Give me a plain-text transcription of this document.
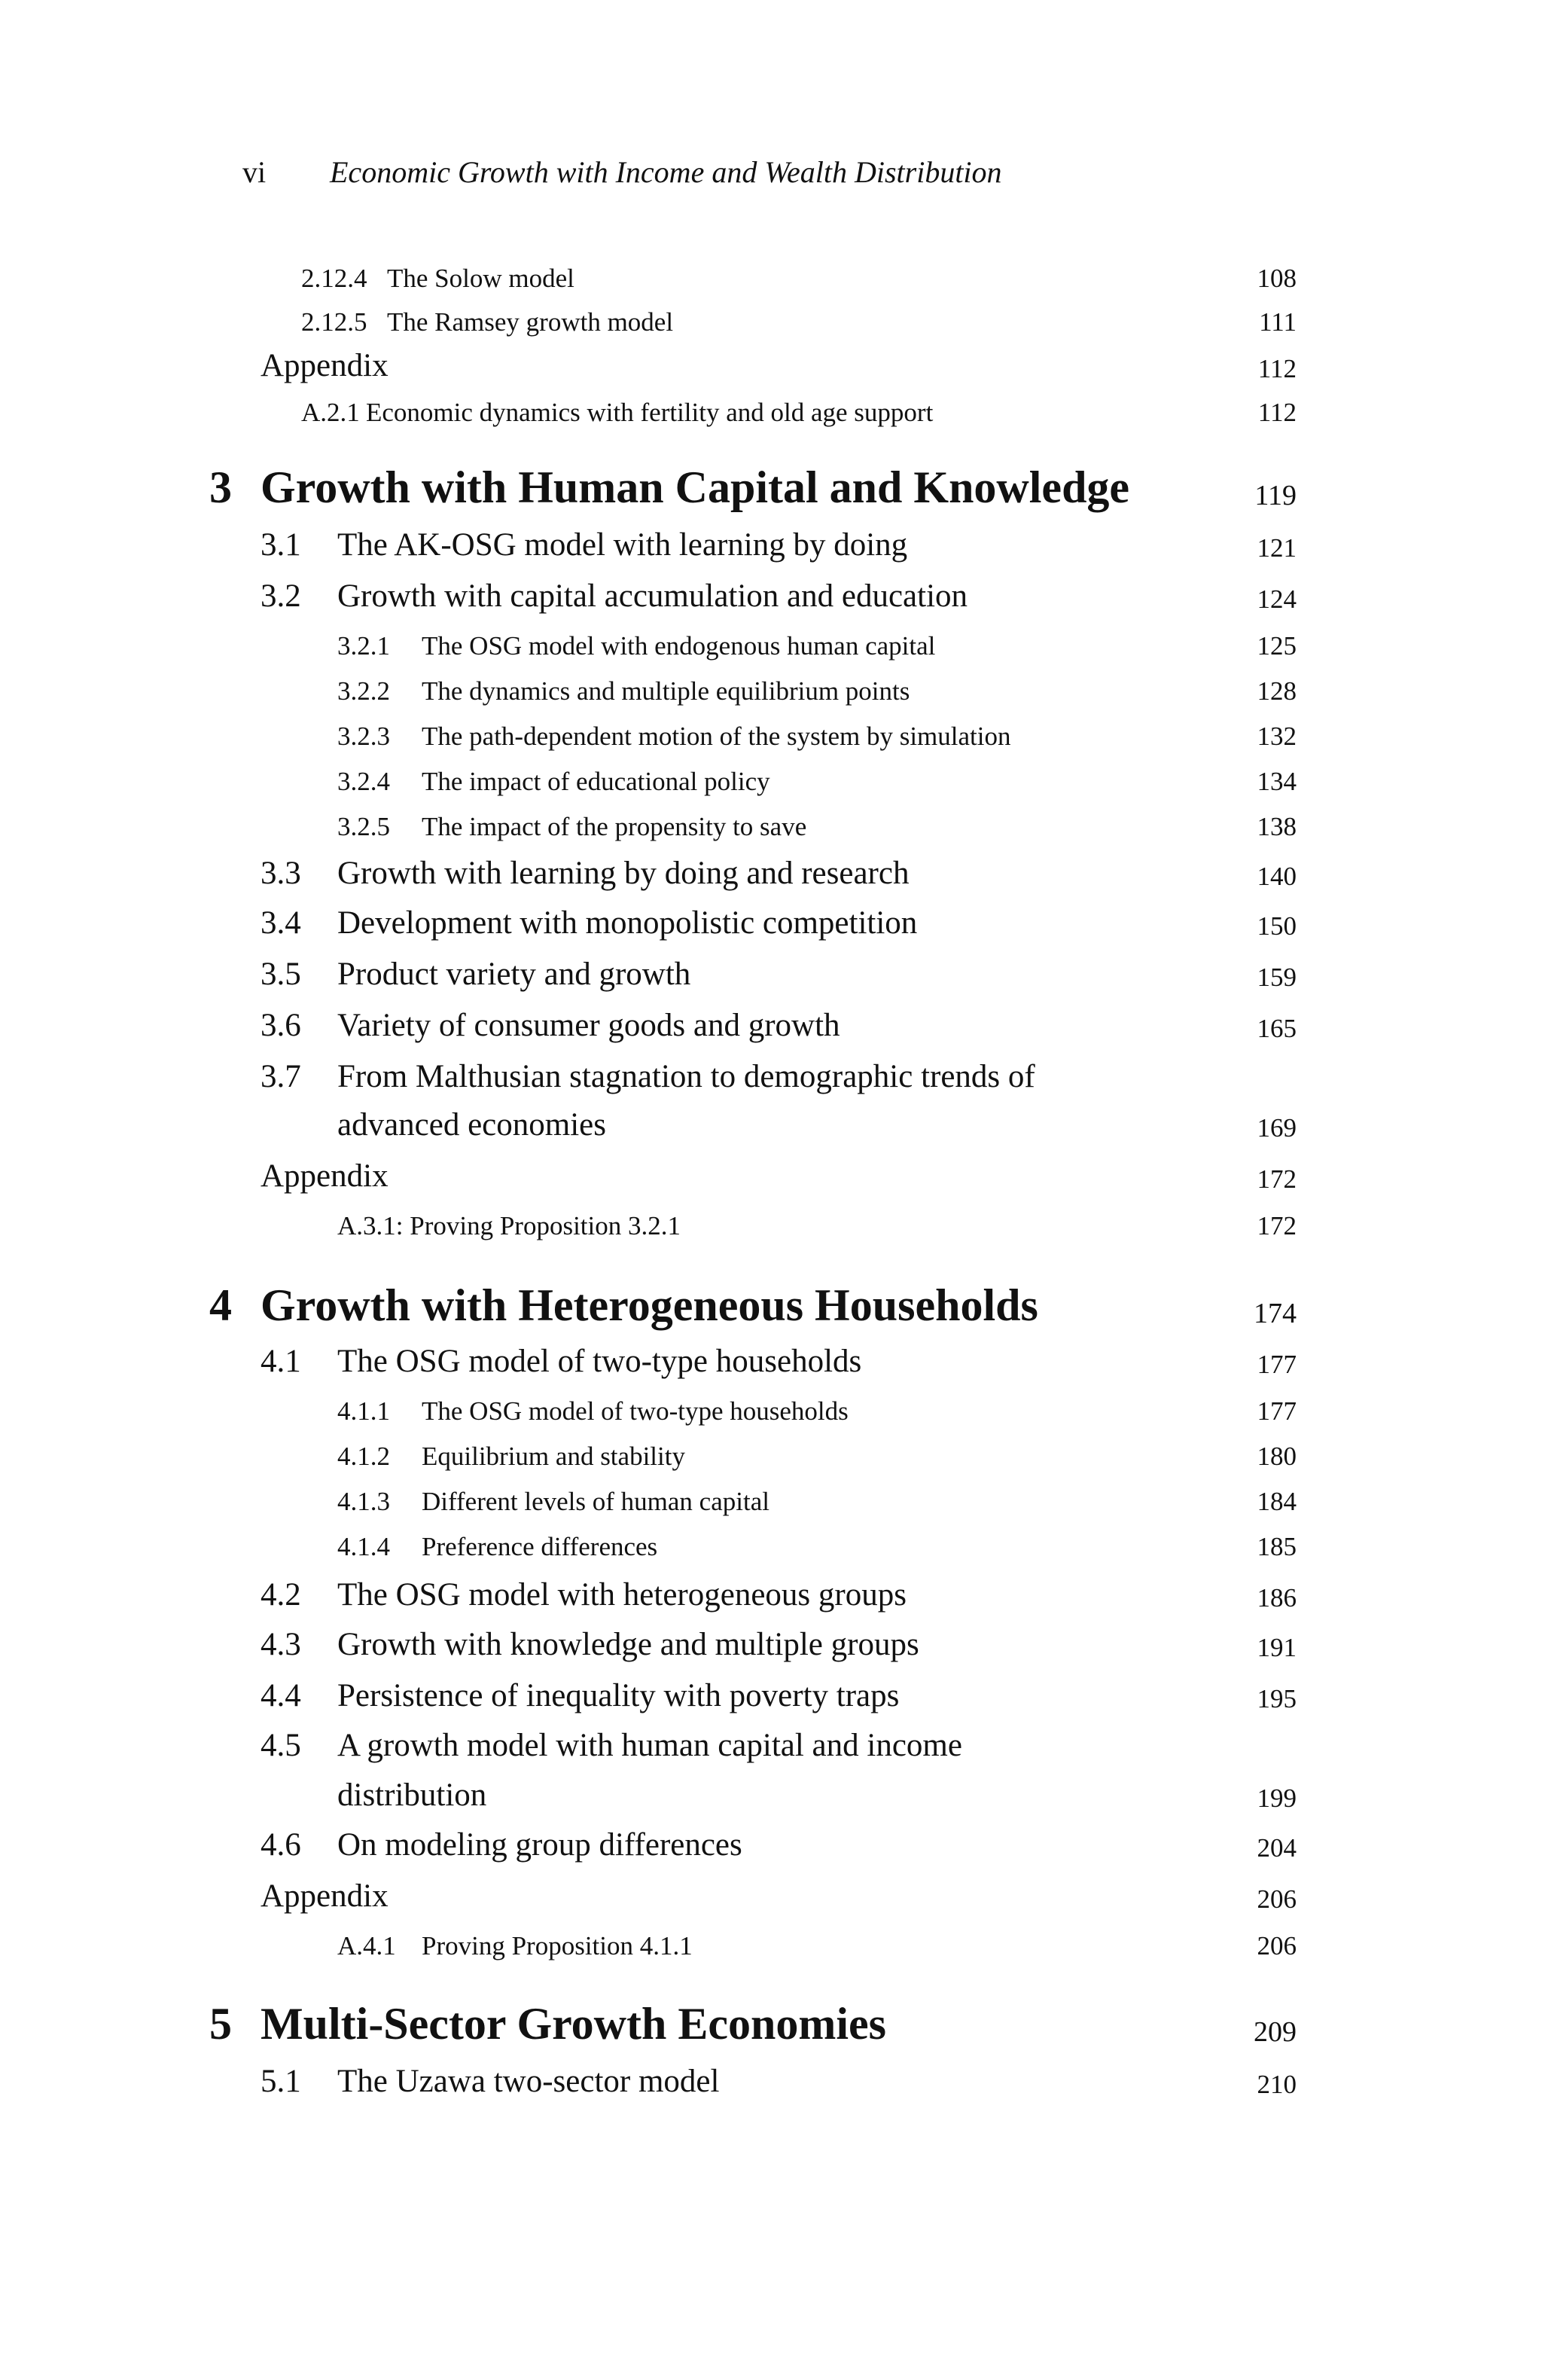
vi Economic Growth with Income and Wealth Distribution
2.12.4 The Solow model	108
2.12.5 The Ramsey growth model	111
Appendix	112
A.2.1 Economic dynamics with fertility and old age support	112
3 Growth with Human Capital and Knowledge	119
3.1 The AK-OSG model with learning by doing	121
3.2 Growth with capital accumulation and education	124
3.2.1 The OSG model with endogenous human capital	125
3.2.2 The dynamics and multiple equilibrium points	128
3.2.3 The path-dependent motion of the system by simulation	132
3.2.4 The impact of educational policy	134
3.2.5 The impact of the propensity to save	138
3.3 Growth with learning by doing and research	140
3.4 Development with monopolistic competition	150
3.5 Product variety and growth	159
3.6 Variety of consumer goods and growth	165
3.7 From Malthusian stagnation to demographic trends of
advanced economies	169
Appendix	172
A.3.1: Proving Proposition 3.2.1	172
4 Growth with Heterogeneous Households	174
4.1 The OSG model of two-type households	177
4.1.1 The OSG model of two-type households	177
4.1.2 Equilibrium and stability	180
4.1.3 Different levels of human capital	184
4.1.4 Preference differences	185
4.2 The OSG model with heterogeneous groups	186
4.3 Growth with knowledge and multiple groups	191
4.4 Persistence of inequality with poverty traps	195
4.5 A growth model with human capital and income
distribution	199
4.6 On modeling group differences	204
Appendix	206
A.4.1 Proving Proposition 4.1.1	206
5 Multi-Sector Growth Economies	209
5.1 The Uzawa two-sector model	210
